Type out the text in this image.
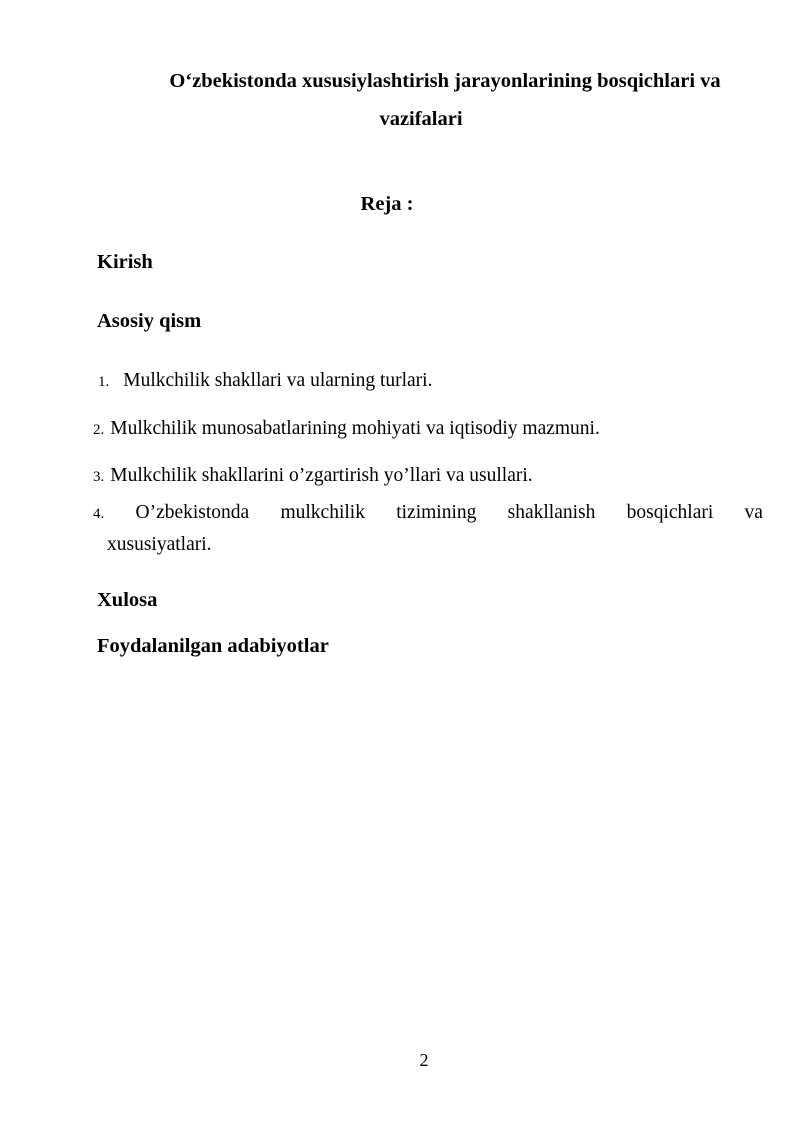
O‘zbekistonda xususiylashtirish jarayonlarining bosqichlari va
vazifalari
Reja :
Kirish
Asosiy qism
1. Mulkchilik shakllari va ularning turlari.
2. Mulkchilik munosabatlarining mohiyati va iqtisodiy mazmuni.
3. Mulkchilik shakllarini o’zgartirish yo’llari va usullari.
4. O’zbekistonda mulkchilik tizimining shakllanish bosqichlari va
xususiyatlari.
Xulosa
Foydalanilgan adabiyotlar
2
